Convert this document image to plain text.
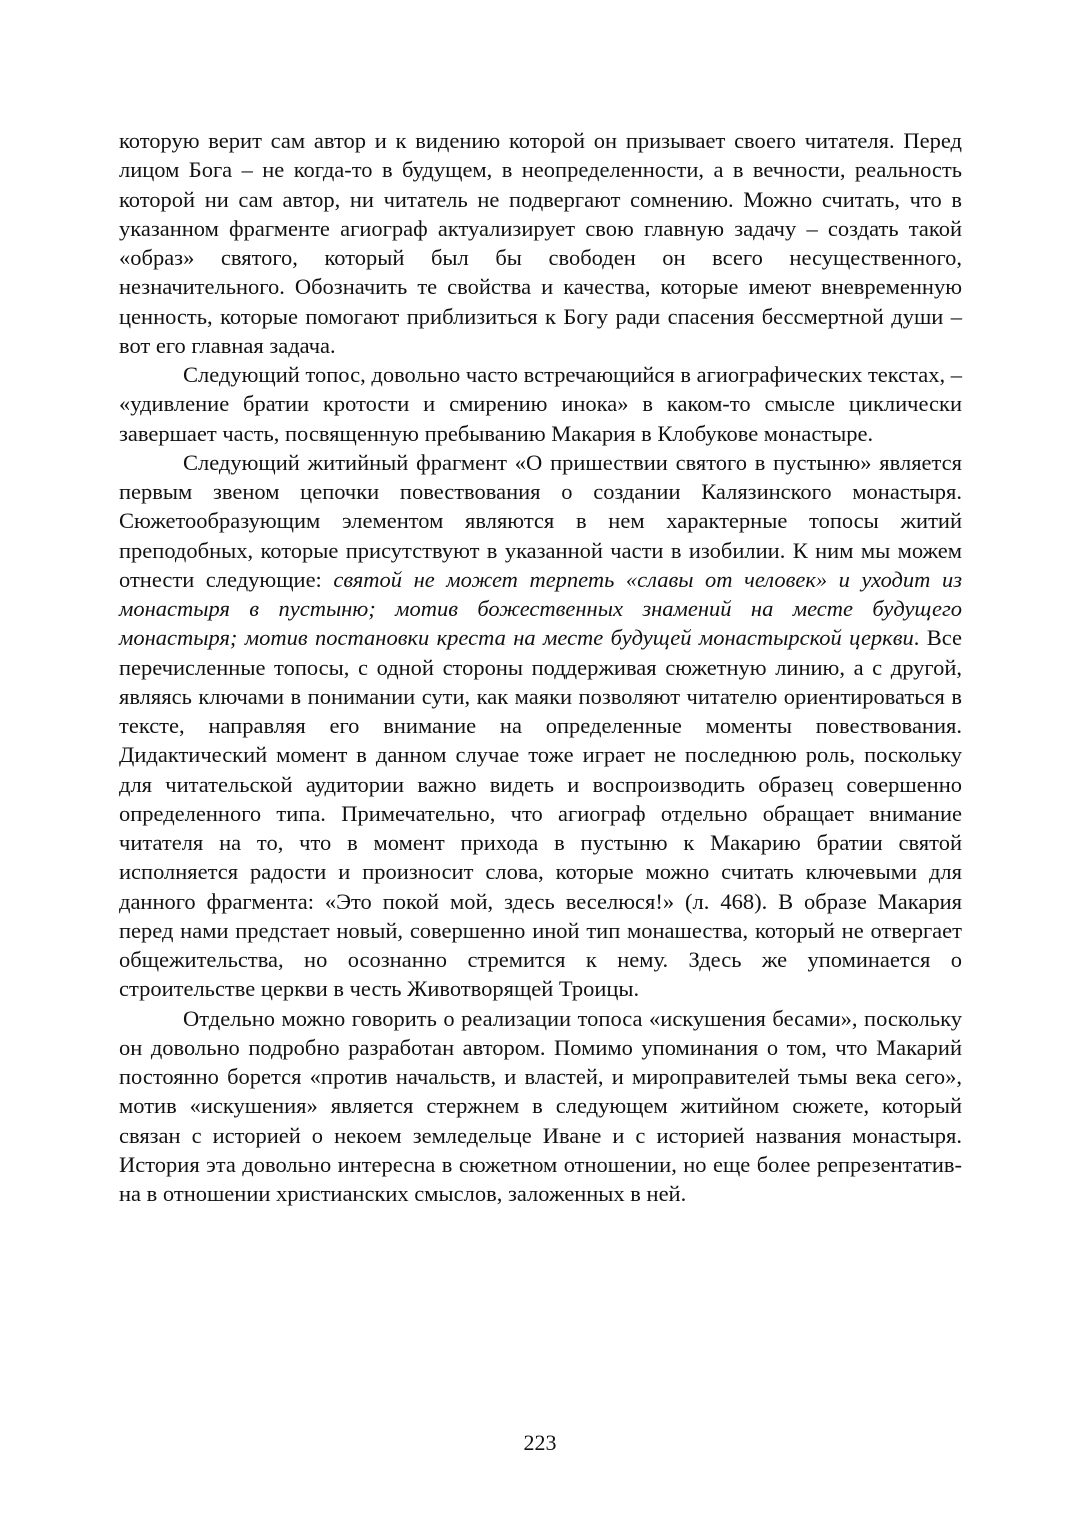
которую верит сам автор и к видению которой он призывает своего читателя. Перед лицом Бога – не когда-то в будущем, в неопределенности, а в вечности, реальность которой ни сам автор, ни читатель не подвергают сомнению. Можно считать, что в указанном фрагменте агиограф актуализирует свою главную задачу – создать такой «образ» святого, который был бы свободен он всего несущественного, незначительного. Обозначить те свойства и качества, которые имеют вневременную ценность, которые помогают приблизиться к Богу ради спасения бессмертной души – вот его главная задача.

Следующий топос, довольно часто встречающийся в агиографических текстах, – «удивление братии кротости и смирению инока» в каком-то смысле циклически завершает часть, посвященную пребыванию Макария в Клобукове монастыре.

Следующий житийный фрагмент «О пришествии святого в пустыню» является первым звеном цепочки повествования о создании Калязинского монастыря. Сюжетообразующим элементом являются в нем характерные топосы житий преподобных, которые присутствуют в указанной части в изобилии. К ним мы можем отнести следующие: святой не может терпеть «славы от человек» и уходит из монастыря в пустыню; мотив божественных знамений на месте будущего монастыря; мотив постановки креста на месте будущей монастырской церкви. Все перечисленные топосы, с одной стороны поддерживая сюжетную линию, а с другой, являясь ключами в понимании сути, как маяки позволяют читателю ориентироваться в тексте, направляя его внимание на определенные моменты повествования. Дидактический момент в данном случае тоже играет не последнюю роль, поскольку для читательской аудитории важно видеть и воспроизводить образец совершенно определенного типа. Примечательно, что агиограф отдельно обращает внимание читателя на то, что в момент прихода в пустыню к Макарию братии святой исполняется радости и произносит слова, которые можно считать ключевыми для данного фрагмента: «Это покой мой, здесь веселюся!» (л. 468). В образе Макария перед нами предстает новый, совершенно иной тип монашества, который не отвергает общежительства, но осознанно стремится к нему. Здесь же упоминается о строительстве церкви в честь Животворящей Троицы.

Отдельно можно говорить о реализации топоса «искушения бесами», поскольку он довольно подробно разработан автором. Помимо упоминания о том, что Макарий постоянно борется «против начальств, и властей, и мироправителей тьмы века сего», мотив «искушения» является стержнем в следующем житийном сюжете, который связан с историей о некоем земледельце Иване и с историей названия монастыря. История эта довольно интересна в сюжетном отношении, но еще более репрезентативна в отношении христианских смыслов, заложенных в ней.

223
